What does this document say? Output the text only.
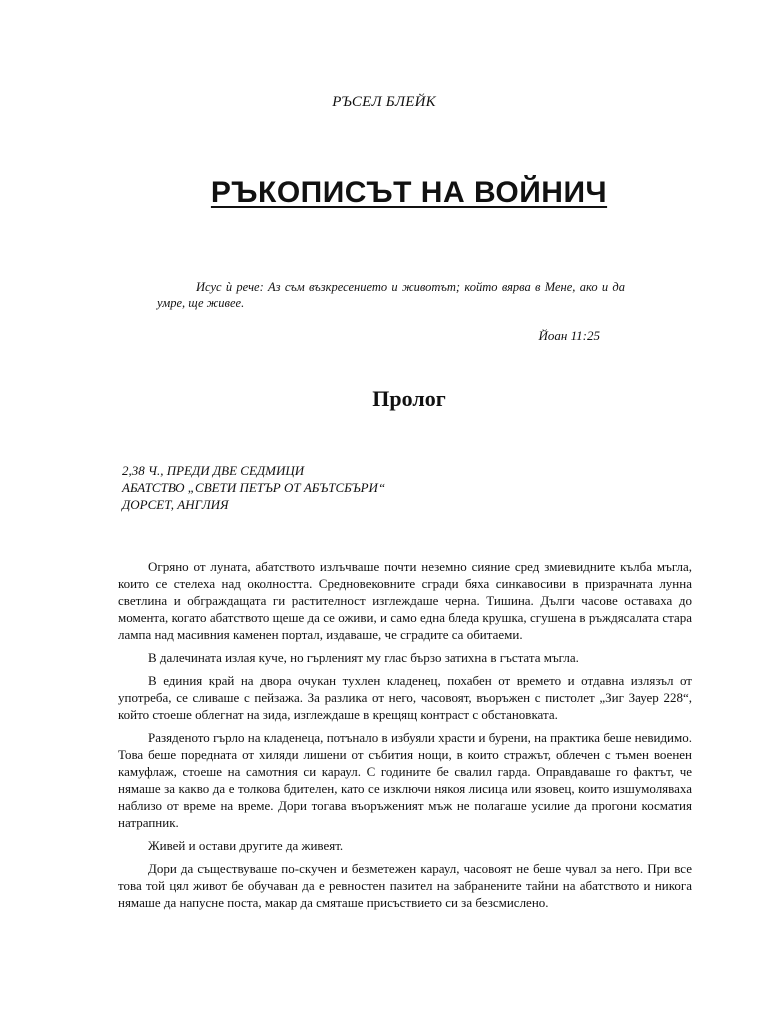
РЪСЕЛ БЛЕЙК
РЪКОПИСЪТ НА ВОЙНИЧ
Исус ѝ рече: Аз съм възкресението и животът; който вярва в Мене, ако и да умре, ще живее.
Йоан 11:25
Пролог
2,38 Ч., ПРЕДИ ДВЕ СЕДМИЦИ
АБАТСТВО „СВЕТИ ПЕТЪР ОТ АБЪТСБЪРИ“
ДОРСЕТ, АНГЛИЯ

Огряно от луната, абатството излъчваше почти неземно сияние сред змиевидните кълба мъгла, които се стелеха над околността. Средновековните сгради бяха синкавосиви в призрачната лунна светлина и обграждащата ги растителност изглеждаше черна. Тишина. Дълги часове оставаха до момента, когато абатството щеше да се оживи, и само една бледа крушка, сгушена в ръждясалата стара лампа над масивния каменен портал, издаваше, че сградите са обитаеми.

В далечината излая куче, но гърленият му глас бързо затихна в гъстата мъгла.

В единия край на двора очукан тухлен кладенец, похабен от времето и отдавна излязъл от употреба, се сливаше с пейзажа. За разлика от него, часовоят, въоръжен с пистолет „Зиг Зауер 228“, който стоеше облегнат на зида, изглеждаше в крещящ контраст с обстановката.

Разяденото гърло на кладенеца, потънало в избуяли храсти и бурени, на практика беше невидимо. Това беше поредната от хиляди лишени от събития нощи, в които стражът, облечен с тъмен военен камуфлаж, стоеше на самотния си караул. С годините бе свалил гарда. Оправдаваше го фактът, че нямаше за какво да е толкова бдителен, като се изключи някоя лисица или язовец, които изшумоляваха наблизо от време на време. Дори тогава въоръженият мъж не полагаше усилие да прогони косматия натрапник.

Живей и остави другите да живеят.

Дори да съществуваше по-скучен и безметежен караул, часовоят не беше чувал за него. При все това той цял живот бе обучаван да е ревностен пазител на забранените тайни на абатството и никога нямаше да напусне поста, макар да смяташе присъствието си за безсмислено.
